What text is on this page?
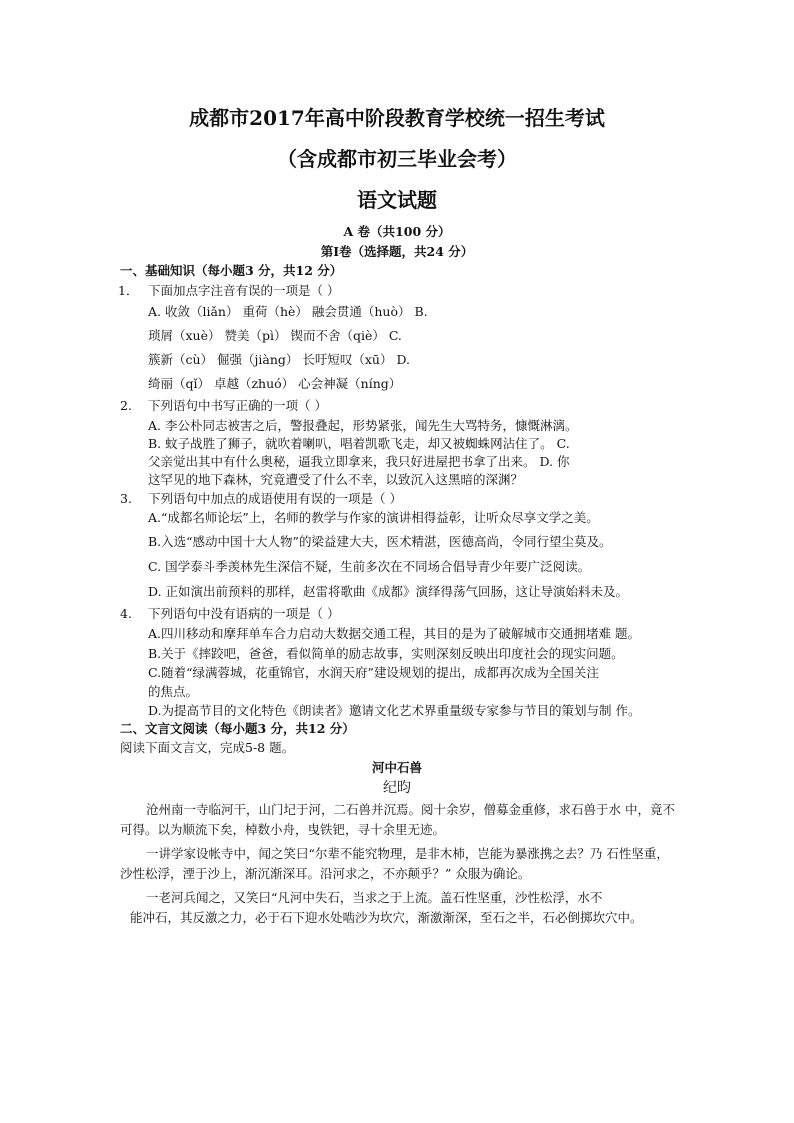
成都市2017年高中阶段教育学校统一招生考试
（含成都市初三毕业会考）
语文试题
A 卷（共100 分）
第Ⅰ卷（选择题，共24 分）
一、基础知识（每小题3 分，共12 分）
1． 下面加点字注音有误的一项是（ ）
A. 收敛（liǎn） 重荷（hè） 融会贯通（huò） B.
琐屑（xuè） 赞美（pì） 锲而不舍（qiè） C.
簇新（cù） 倔强（jiàng） 长吁短叹（xū） D.
绮丽（qǐ） 卓越（zhuó） 心会神凝（níng）
2. 下列语句中书写正确的一项（ ）
A. 李公朴同志被害之后，警报叠起，形势紧张，闻先生大骂特务，慷慨淋漓。
B. 蚊子战胜了狮子，就吹着喇叭，唱着凯歌飞走，却又被蜘蛛网沾住了。 C.
父亲觉出其中有什么奥秘，逼我立即拿来，我只好进屋把书拿了出来。 D. 你
这罕见的地下森林，究竟遭受了什么不幸，以致沉入这黑暗的深渊？
3. 下列语句中加点的成语使用有误的一项是（ ）
A.“成都名师论坛”上，名师的教学与作家的演讲相得益彰，让听众尽享文学之美。
B.入选“感动中国十大人物”的梁益建大夫，医术精湛，医德高尚，令同行望尘莫及。
C. 国学泰斗季羡林先生深信不疑，生前多次在不同场合倡导青少年要广泛阅读。
D. 正如演出前预料的那样，赵雷将歌曲《成都》演绎得荡气回肠，这让导演始料未及。
4. 下列语句中没有语病的一项是（ ）
A.四川移动和摩拜单车合力启动大数据交通工程，其目的是为了破解城市交通拥堵难 题。
B.关于《摔跤吧，爸爸，看似简单的励志故事，实则深刻反映出印度社会的现实问题。
C.随着“绿满蓉城，花重锦官，水润天府”建设规划的提出，成都再次成为全国关注
的焦点。
D.为提高节目的文化特色《朗读者》邀请文化艺术界重量级专家参与节目的策划与制 作。
二、文言文阅读（每小题3 分，共12 分）
阅读下面文言文，完成5-8 题。
河中石兽
纪昀
沧州南一寺临河干，山门圮于河，二石兽并沉焉。阅十余岁，僧募金重修，求石兽于水 中，竟不
可得。以为顺流下矣，棹数小舟，曳铁钯，寻十余里无迹。
一讲学家设帐寺中，闻之笑曰“尔辈不能究物理，是非木杮，岂能为暴涨携之去？乃 石性坚重，
沙性松浮，湮于沙上，渐沉渐深耳。沿河求之，不亦颠乎？” 众服为确论。
一老河兵闻之，又笑曰“凡河中失石，当求之于上流。盖石性坚重，沙性松浮，水不
能冲石，其反激之力，必于石下迎水处啮沙为坎穴，渐激渐深，至石之半，石必倒掷坎穴中。
